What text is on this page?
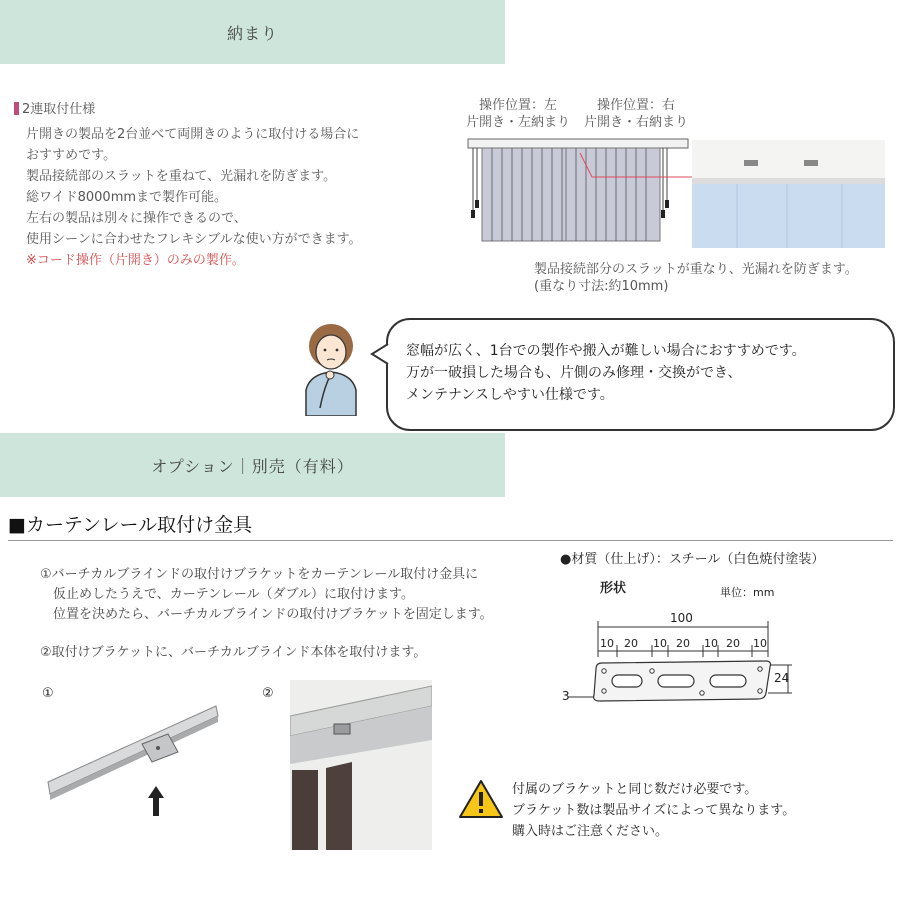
納まり
2連取付仕様
片開きの製品を2台並べて両開きのように取付ける場合に
おすすめです。
製品接続部のスラットを重ねて、光漏れを防ぎます。
総ワイド8000mmまで製作可能。
左右の製品は別々に操作できるので、
使用シーンに合わせたフレキシブルな使い方ができます。
※コード操作（片開き）のみの製作。
操作位置：左
片開き・左納まり
操作位置：右
片開き・右納まり
製品接続部分のスラットが重なり、光漏れを防ぎます。
(重なり寸法:約10mm)
窓幅が広く、1台での製作や搬入が難しい場合におすすめです。
万が一破損した場合も、片側のみ修理・交換ができ、
メンテナンスしやすい仕様です。
オプション｜別売（有料）
■カーテンレール取付け金具
①バーチカルブラインドの取付けブラケットをカーテンレール取付け金具に
　仮止めしたうえで、カーテンレール（ダブル）に取付けます。
　位置を決めたら、バーチカルブラインドの取付けブラケットを固定します。
②取付けブラケットに、バーチカルブラインド本体を取付けます。
①	②
●材質（仕上げ）：スチール（白色焼付塗装）
形状	単位：mm
100
10 20 10 20 10 20 10
24
3
付属のブラケットと同じ数だけ必要です。
ブラケット数は製品サイズによって異なります。
購入時はご注意ください。
